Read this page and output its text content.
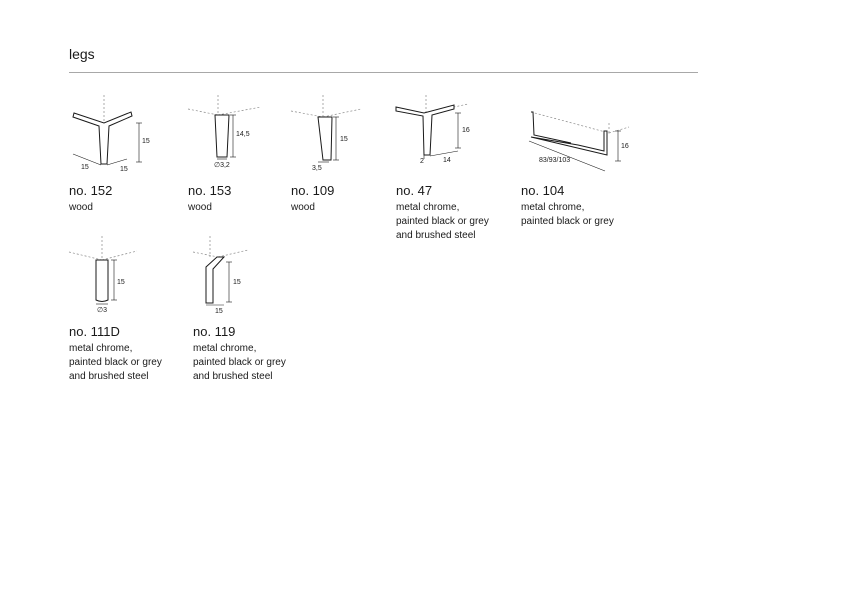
legs
15
15	15
no. 152
wood
14,5
∅3,2
no. 153
wood
15
3,5
no. 109
wood
16
2	14
no. 47
metal chrome,
painted black or grey
and brushed steel
16
83/93/103
no. 104
metal chrome,
painted black or grey
15
∅3
no. 111D
metal chrome,
painted black or grey
and brushed steel
15
15
no. 119
metal chrome,
painted black or grey
and brushed steel
